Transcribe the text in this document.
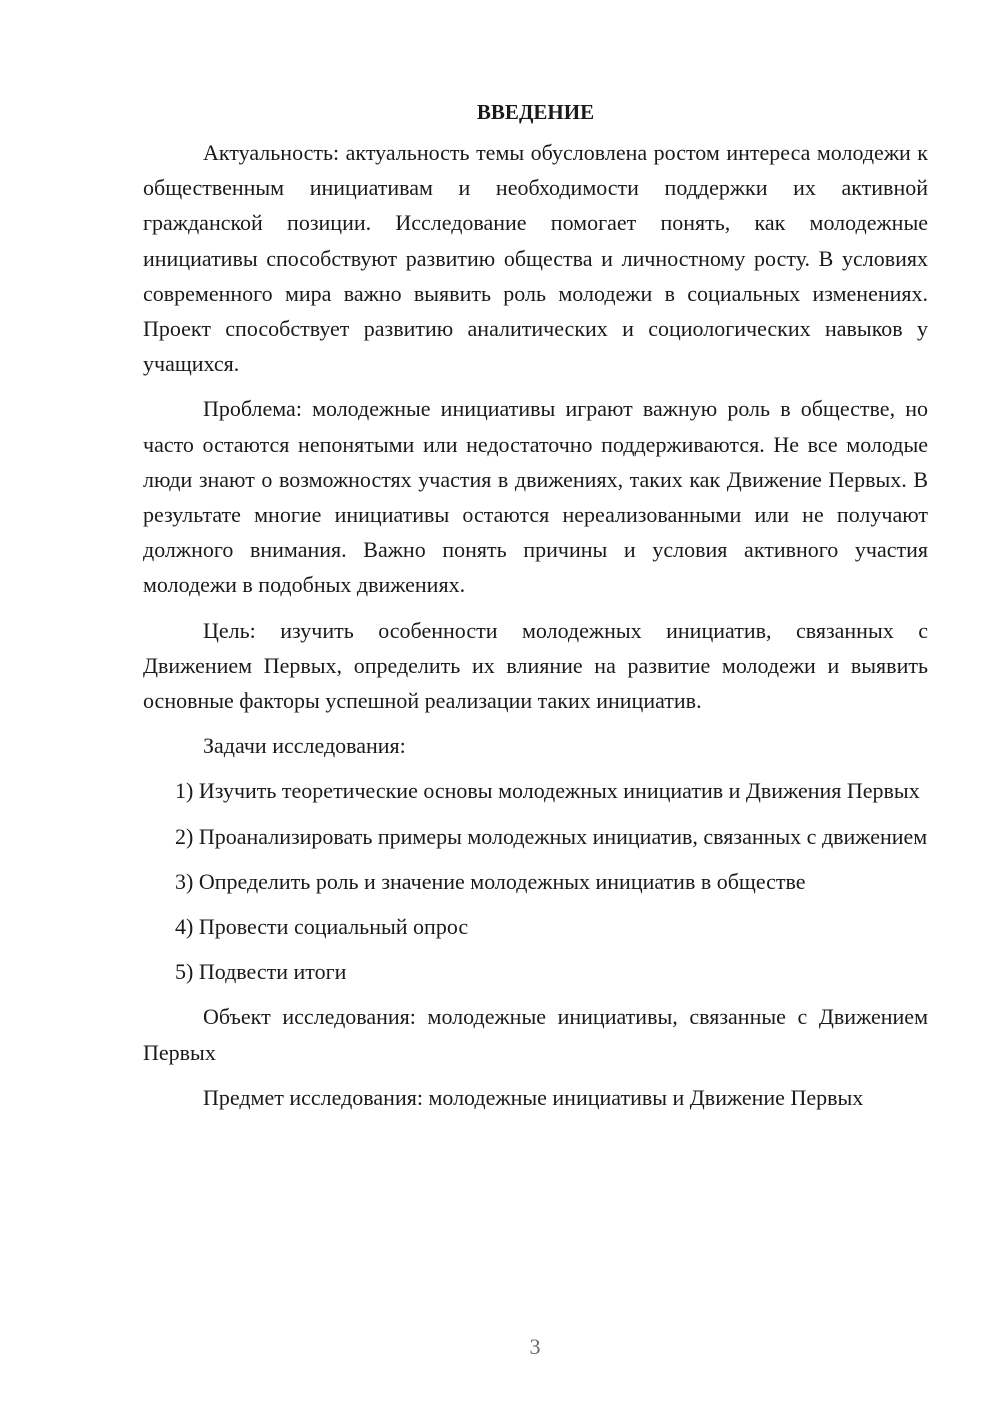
ВВЕДЕНИЕ

Актуальность: актуальность темы обусловлена ростом интереса молодежи к общественным инициативам и необходимости поддержки их активной гражданской позиции. Исследование помогает понять, как молодежные инициативы способствуют развитию общества и личностному росту. В условиях современного мира важно выявить роль молодежи в социальных изменениях. Проект способствует развитию аналитических и социологических навыков у учащихся.

Проблема: молодежные инициативы играют важную роль в обществе, но часто остаются непонятыми или недостаточно поддерживаются. Не все молодые люди знают о возможностях участия в движениях, таких как Движение Первых. В результате многие инициативы остаются нереализованными или не получают должного внимания. Важно понять причины и условия активного участия молодежи в подобных движениях.

Цель: изучить особенности молодежных инициатив, связанных с Движением Первых, определить их влияние на развитие молодежи и выявить основные факторы успешной реализации таких инициатив.

Задачи исследования:

1) Изучить теоретические основы молодежных инициатив и Движения Первых

2) Проанализировать примеры молодежных инициатив, связанных с движением

3) Определить роль и значение молодежных инициатив в обществе

4) Провести социальный опрос

5) Подвести итоги

Объект исследования: молодежные инициативы, связанные с Движением Первых

Предмет исследования: молодежные инициативы и Движение Первых

3
